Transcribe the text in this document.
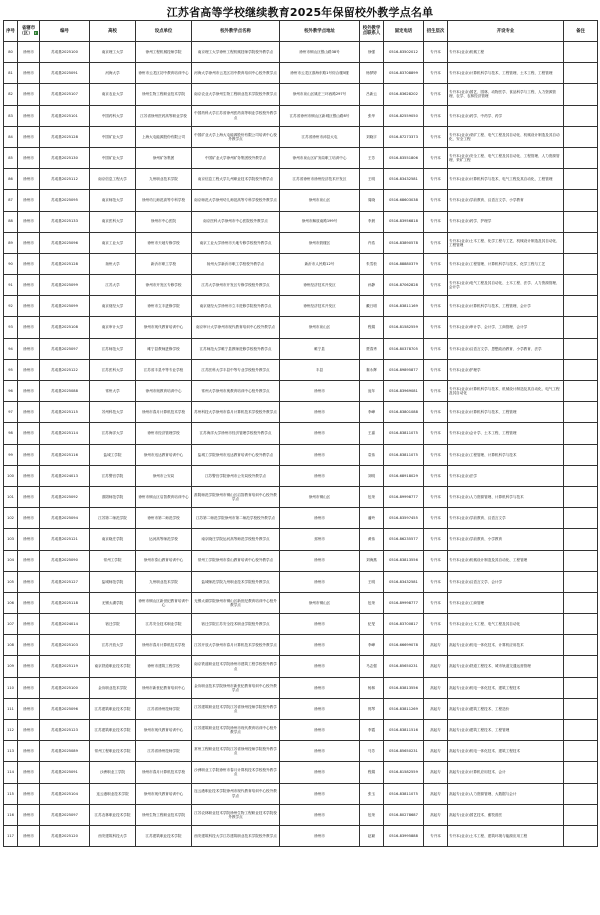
江苏省高等学校继续教育2025年保留校外教学点名单
序号	省辖市（区） ▾	编号	高校	设点单位	校外教学点名称	校外教学点地址	校外教学点联系人	固定电话	招生层次	开设专业	备注
80	徐州市	苏成基2025100	南京理工大学	徐州工程机械技师学院	南京理工大学徐州工程机械技师学院校外教学点	徐州市铜山区银山路38号	徐强	0516-83502012	专升本	专升本(业余)机械工程	
81	徐州市	苏成基2025091	河海大学	徐州市云龙区初中教育培训中心	河海大学徐州市云龙区初中教育培训中心校外教学点	徐州市云龙区淮海东路1号综合楼5楼	杨梦婷	0516-83708899	专升本	专升本(业余)计算机科学与技术、工程管理、土木工程、工程管理	
82	徐州市	苏成基2025107	南京农业大学	徐州生物工程职业技术学院	南京农业大学徐州生物工程职业技术学院校外教学点	徐州市泉山区姚庄三环西路297号	吕新云	0516-83628202	专升本	专升本(业余)园艺、园林、动物医学、食品科学与工程、人力资源管理、农学、农林经济管理	
83	徐州市	苏成基2025101	中国药科大学	江苏省徐州医药高等职业学校	中国药科大学江苏省徐州医药高等职业学校校外教学点	江苏省徐州市铜山区新城区银山路8号	张华	0516-82559050	专升本	专升本(业余)药学、中药学、药学	
84	徐州市	苏成基2025128	中国矿业大学	上海大屯能源股份有限公司	中国矿业大学上海大屯能源股份有限公司培训中心校外教学点	江苏省徐州市沛县大屯	刘晓宇	0516-87273373	专升本	专升本(业余)采矿工程、电气工程及其自动化、机械设计制造及其自动化、安全工程	
85	徐州市	苏成基2025130	中国矿业大学	徐州矿务集团	中国矿业大学徐州矿务集团校外教学点	徐州市泉山区矿务局职工培训中心	王芳	0516-83551806	专升本	专升本(业余)安全工程、电气工程及其自动化、工程管理、人力资源管理、采矿工程	
86	徐州市	苏成基2025112	南京信息工程大学	九州职业技术学院	南京信息工程大学九州职业技术学院校外教学点	江苏省徐州市徐州经济技术开发区	王明	0516-83432581	专升本	专升本(业余)计算机科学与技术、电气工程及其自动化、工程管理	
87	徐州市	苏成基2025095	南京师范大学	徐州幼儿师范高等专科学校	南京师范大学徐州幼儿师范高等专科学校校外教学点	徐州市泉山区	周晓	0516-68603038	专升本	专升本(业余)学前教育、汉语言文学、小学教育	
88	徐州市	苏成基2025133	南京医科大学	徐州市中心医院	南京医科大学徐州市中心医院校外教学点	徐州市解放南路199号	李晨	0516-83956818	专升本	专升本(业余)药学、护理学	
89	徐州市	苏成基2025096	南京工业大学	徐州市天地专修学校	南京工业大学徐州市天地专修学校校外教学点	徐州市鼓楼区	许浩	0516-83890578	专升本	专升本(业余)土木工程、化学工程与工艺、机械设计制造及其自动化、工程管理	
90	徐州市	苏成基2025128	扬州大学	新沂市职工学校	扬州大学新沂市职工学校校外教学点	新沂市人民路12号	朱雪松	0516-88880379	专升本	专升本(业余)工程管理、计算机科学与技术、化学工程与工艺	
91	徐州市	苏成基2025099	江苏大学	徐州市开发区专修学校	江苏大学徐州市开发区专修学校校外教学点	徐州经济技术开发区	孙静	0516-87062828	专升本	专升本(业余)电气工程及其自动化、土木工程、法学、人力资源管理、会计学	
92	徐州市	苏成基2025099	南京财经大学	徐州市立丰进修学院	南京财经大学徐州市立丰进修学院校外教学点	徐州经济技术开发区	戴日明	0516-83811169	专升本	专升本(业余)计算机科学与技术、工程管理、会计学	
93	徐州市	苏成基2025108	南京审计大学	徐州市现代教育培训中心	南京审计大学徐州市现代教育培训中心校外教学点	徐州市泉山区	程娟	0516-81582559	专升本	专升本(业余)审计学、会计学、工商管理、会计学	
94	徐州市	苏成基2025097	江苏师范大学	睢宁县教师进修学校	江苏师范大学睢宁县教师进修学校校外教学点	睢宁县	贾春秀	0516-80378705	专升本	专升本(业余)汉语言文学、思想政治教育、小学教育、法学	
95	徐州市	苏成基2025122	江苏医科大学	江苏省丰县中等专业学校	江苏医科大学丰县中等专业学校校外教学点	丰县	秦永辉	0516-89895877	专升本	专升本(业余)护理学	
96	徐州市	苏成基2025088	常州大学	徐州市奥教育培训中心	常州大学徐州市奥教育培训中心校外教学点	徐州市	庞年	0516-83969081	专升本	专升本(业余)计算机科学与技术、机械设计制造及其自动化、电气工程及其自动化	
97	徐州市	苏成基2025115	苏州科技大学	徐州市春月计算机技术学校	苏州科技大学徐州市春月计算机技术学校校外教学点	徐州市	李峰	0516-83801088	专升本	专升本(业余)计算机科学与技术、工程管理	
98	徐州市	苏成基2025114	江苏海洋大学	徐州市经济管理学校	江苏海洋大学徐州市经济管理学校校外教学点	徐州市	王嘉	0516-83811075	专升本	专升本(业余)会计学、土木工程、工程管理	
99	徐州市	苏成基2025116	盐城工学院	徐州市迅达教育培训中心	盐城工学院徐州市迅达教育培训中心校外教学点	徐州市	袁伟	0516-83811075	专升本	专升本(业余)工程管理、计算机科学与技术	
100	徐州市	苏成基2024013	江苏警官学院	徐州市公安局	江苏警官学院徐州市公安局校外教学点	徐州市	刘明	0516-68918029	专升本	专升本(业余)法学	
101	徐州市	苏成基2025092	淮阴师范学院	徐州市铜山区启智教育培训中心	淮阴师范学院徐州市铜山区启智教育培训中心校外教学点	徐州市铜山区	包荣	0516-89998777	专升本	专升本(业余)人力资源管理、计算机科学与技术	
102	徐州市	苏成基2025094	江苏第二师范学院	徐州市第二师范学校	江苏第二师范学院徐州市第二师范学校校外教学点	徐州市	潘玲	0516-83597455	专升本	专升本(业余)学前教育、汉语言文学	
103	徐州市	苏成基2025121	南京晓庄学院	运河高等师范学校	南京晓庄学院运河高等师范学校校外教学点	邳州市	黄伟	0516-86235577	专升本	专升本(业余)学前教育、小学教育	
104	徐州市	苏成基2025090	常州工学院	徐州市泰山教育培训中心	常州工学院徐州市泰山教育培训中心校外教学点	徐州市	刘海燕	0516-83813556	专升本	专升本(业余)机械设计制造及其自动化、工程管理	
105	徐州市	苏成基2025127	盐城师范学院	九州职业技术学院	盐城师范学院九州职业技术学院校外教学点	徐州市	王明	0516-83432581	专升本	专升本(业余)汉语言文学、会计学	
106	徐州市	苏成基2025118	无锡太湖学院	徐州市铜山区新世纪教育培训中心	无锡太湖学院徐州市铜山区新世纪教育培训中心校外教学点	徐州市铜山区	包荣	0516-89998777	专升本	专升本(业余)工商管理	
107	徐州市	苏成基2024014	宿迁学院	江苏安全技术职业学院	宿迁学院江苏安全技术职业学院校外教学点	徐州市	纪旻	0516-83700817	专升本	专升本(业余)土木工程、电气工程及其自动化	
108	徐州市	苏成基2025103	江苏开放大学	徐州市春月计算机技术学校	江苏开放大学徐州市春月计算机技术学校校外教学点	徐州市	李峰	0516-66699078	高起专	高起专(业余)机电一体化技术、计算机应用技术	
109	徐州市	苏成基2025119	南京铁道职业技术学院	徐州市建筑工程学校	南京铁道职业技术学院徐州市建筑工程学校校外教学点	徐州市	马志强	0516-85650231	高起专	高起专(业余)铁道工程技术、城市轨道交通运营管理	
110	徐州市	苏成基2025100	金肯职业技术学院	徐州市新世纪教育培训中心	金肯职业技术学院徐州市新世纪教育培训中心校外教学点	徐州市	杨林	0516-83813556	高起专	高起专(业余)机电一体化技术、建筑工程技术	
111	徐州市	苏成基2025096	江苏建筑职业技术学院	江苏省徐州技师学院	江苏建筑职业技术学院江苏省徐州技师学院校外教学点	徐州市	郭琴	0516-83811269	高起专	高起专(业余)建筑工程技术、工程造价	
112	徐州市	苏成基2025123	江苏建筑职业技术学院	徐州市现代教育培训中心	江苏建筑职业技术学院徐州市现代教育培训中心校外教学点	徐州市	李霞	0516-83811516	高起专	高起专(业余)建筑工程技术、工程管理	
113	徐州市	苏成基2025089	常州工程职业技术学院	江苏省徐州技师学院	常州工程职业技术学院江苏省徐州技师学院校外教学点	徐州市	马芳	0516-85650231	高起专	高起专(业余)机电一体化技术、建筑工程技术	
114	徐州市	苏成基2025091	沙洲职业工学院	徐州市春月计算机技术学校	沙洲职业工学院徐州市春月计算机技术学校校外教学点	徐州市	程娟	0516-81582559	高起专	高起专(业余)计算机应用技术、会计	
115	徐州市	苏成基2025104	连云港职业技术学院	徐州市现代教育培训中心	连云港职业技术学院徐州市现代教育培训中心校外教学点	徐州市	张玉	0516-83811075	高起专	高起专(业余)人力资源管理、大数据与会计	
116	徐州市	苏成基2025097	江苏农林职业技术学院	徐州生物工程职业技术学院	江苏农林职业技术学院徐州生物工程职业技术学院校外教学点	徐州市	包荣	0516-80278687	高起专	高起专(业余)园艺技术、畜牧兽医	
117	徐州市	苏成基2025120	西安建筑科技大学	江苏建筑职业技术学院	西安建筑科技大学江苏建筑职业技术学院校外教学点	徐州市	赵颖	0516-83995888	专升本	专升本(业余)土木工程、建筑环境与能源应用工程	
